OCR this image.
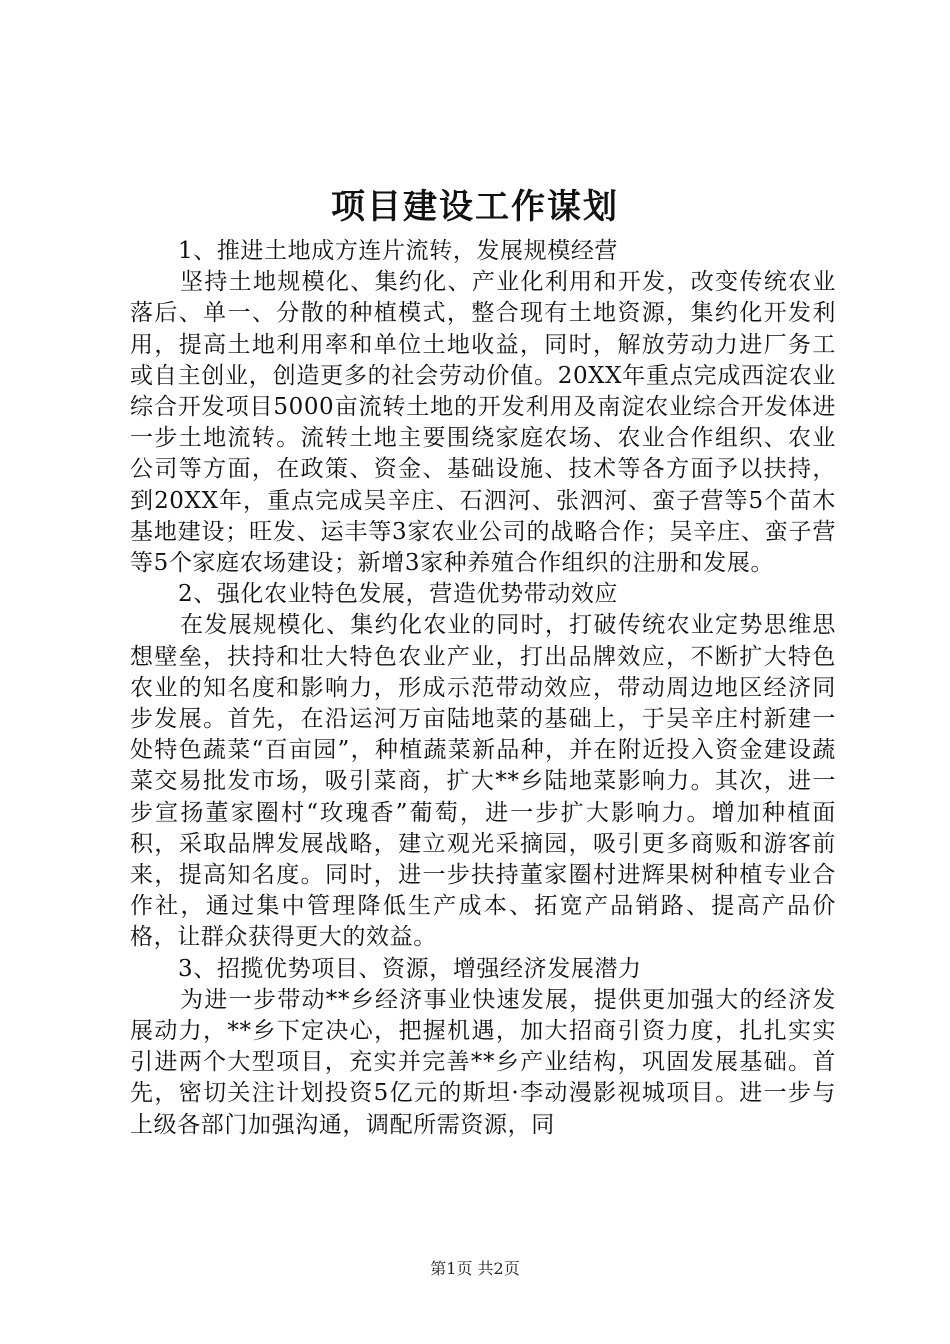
项目建设工作谋划

1、推进土地成方连片流转，发展规模经营

坚持土地规模化、集约化、产业化利用和开发，改变传统农业落后、单一、分散的种植模式，整合现有土地资源，集约化开发利用，提高土地利用率和单位土地收益，同时，解放劳动力进厂务工或自主创业，创造更多的社会劳动价值。20XX年重点完成西淀农业综合开发项目5000亩流转土地的开发利用及南淀农业综合开发体进一步土地流转。流转土地主要围绕家庭农场、农业合作组织、农业公司等方面，在政策、资金、基础设施、技术等各方面予以扶持，到20XX年，重点完成吴辛庄、石泗河、张泗河、蛮子营等5个苗木基地建设；旺发、运丰等3家农业公司的战略合作；吴辛庄、蛮子营等5个家庭农场建设；新增3家种养殖合作组织的注册和发展。

2、强化农业特色发展，营造优势带动效应

在发展规模化、集约化农业的同时，打破传统农业定势思维思想壁垒，扶持和壮大特色农业产业，打出品牌效应，不断扩大特色农业的知名度和影响力，形成示范带动效应，带动周边地区经济同步发展。首先，在沿运河万亩陆地菜的基础上，于吴辛庄村新建一处特色蔬菜“百亩园”，种植蔬菜新品种，并在附近投入资金建设蔬菜交易批发市场，吸引菜商，扩大**乡陆地菜影响力。其次，进一步宣扬董家圈村“玫瑰香”葡萄，进一步扩大影响力。增加种植面积，采取品牌发展战略，建立观光采摘园，吸引更多商贩和游客前来，提高知名度。同时，进一步扶持董家圈村进辉果树种植专业合作社，通过集中管理降低生产成本、拓宽产品销路、提高产品价格，让群众获得更大的效益。

3、招揽优势项目、资源，增强经济发展潜力

为进一步带动**乡经济事业快速发展，提供更加强大的经济发展动力，**乡下定决心，把握机遇，加大招商引资力度，扎扎实实引进两个大型项目，充实并完善**乡产业结构，巩固发展基础。首先，密切关注计划投资5亿元的斯坦·李动漫影视城项目。进一步与上级各部门加强沟通，调配所需资源，同

第1页 共2页
